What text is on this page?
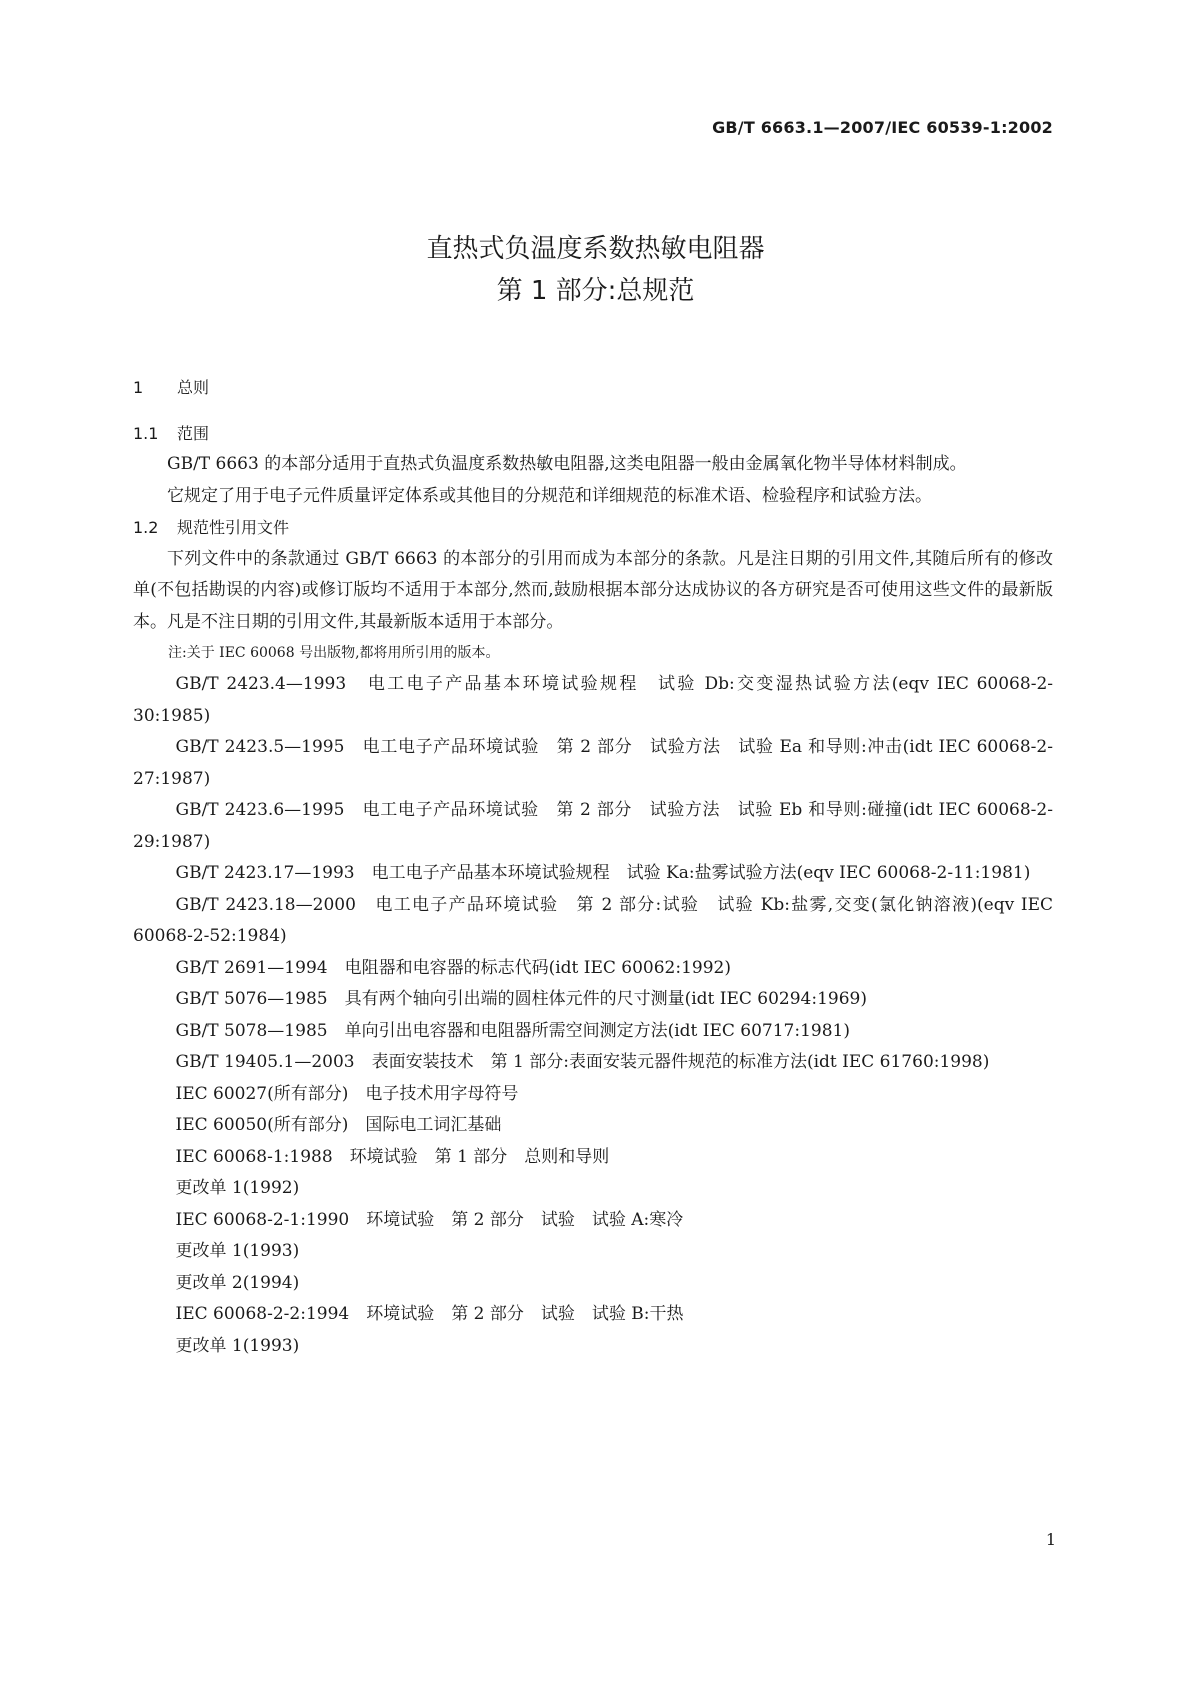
GB/T 6663.1—2007/IEC 60539-1:2002
直热式负温度系数热敏电阻器
第 1 部分:总规范
1 总则
1.1 范围

GB/T 6663 的本部分适用于直热式负温度系数热敏电阻器,这类电阻器一般由金属氧化物半导体材料制成。

它规定了用于电子元件质量评定体系或其他目的分规范和详细规范的标准术语、检验程序和试验方法。

1.2 规范性引用文件

下列文件中的条款通过 GB/T 6663 的本部分的引用而成为本部分的条款。凡是注日期的引用文件,其随后所有的修改单(不包括勘误的内容)或修订版均不适用于本部分,然而,鼓励根据本部分达成协议的各方研究是否可使用这些文件的最新版本。凡是不注日期的引用文件,其最新版本适用于本部分。

注:关于 IEC 60068 号出版物,都将用所引用的版本。
GB/T 2423.4—1993　电工电子产品基本环境试验规程　试验 Db:交变湿热试验方法(eqv IEC 60068-2-30:1985)
GB/T 2423.5—1995　电工电子产品环境试验　第 2 部分　试验方法　试验 Ea 和导则:冲击(idt IEC 60068-2-27:1987)
GB/T 2423.6—1995　电工电子产品环境试验　第 2 部分　试验方法　试验 Eb 和导则:碰撞(idt IEC 60068-2-29:1987)
GB/T 2423.17—1993　电工电子产品基本环境试验规程　试验 Ka:盐雾试验方法(eqv IEC 60068-2-11:1981)
GB/T 2423.18—2000　电工电子产品环境试验　第 2 部分:试验　试验 Kb:盐雾,交变(氯化钠溶液)(eqv IEC 60068-2-52:1984)
GB/T 2691—1994　电阻器和电容器的标志代码(idt IEC 60062:1992)
GB/T 5076—1985　具有两个轴向引出端的圆柱体元件的尺寸测量(idt IEC 60294:1969)
GB/T 5078—1985　单向引出电容器和电阻器所需空间测定方法(idt IEC 60717:1981)
GB/T 19405.1—2003　表面安装技术　第 1 部分:表面安装元器件规范的标准方法(idt IEC 61760:1998)
IEC 60027(所有部分)　电子技术用字母符号
IEC 60050(所有部分)　国际电工词汇基础
IEC 60068-1:1988　环境试验　第 1 部分　总则和导则
更改单 1(1992)
IEC 60068-2-1:1990　环境试验　第 2 部分　试验　试验 A:寒冷
更改单 1(1993)
更改单 2(1994)
IEC 60068-2-2:1994　环境试验　第 2 部分　试验　试验 B:干热
更改单 1(1993)
1
